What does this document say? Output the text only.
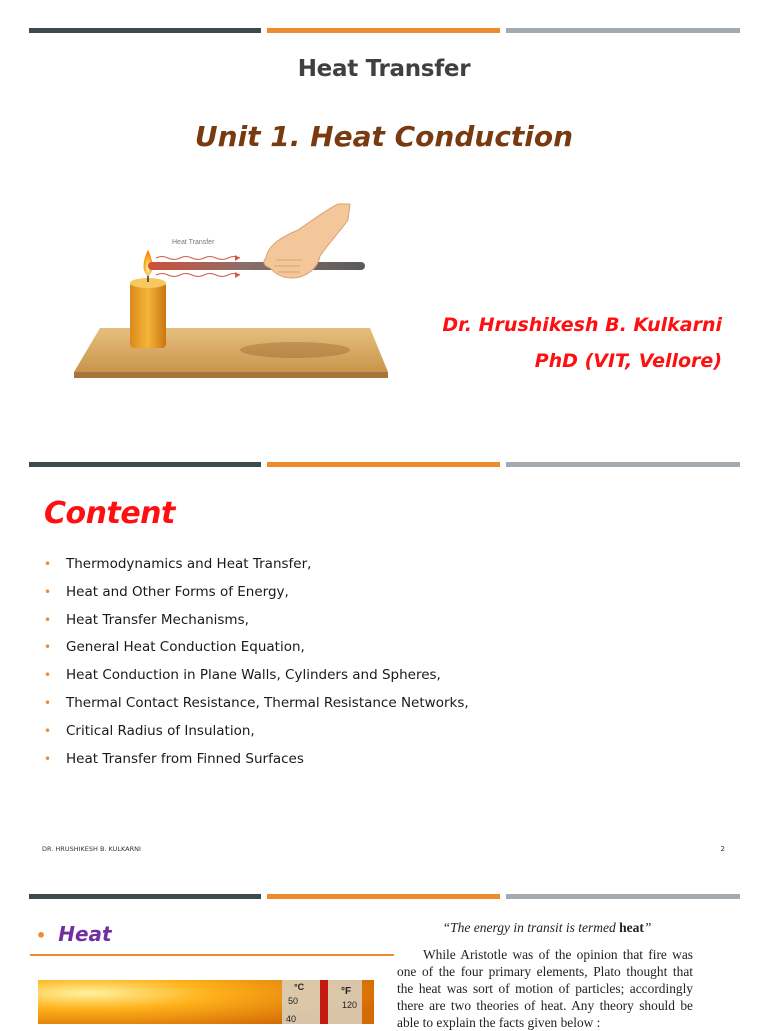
Heat Transfer
Unit 1. Heat Conduction
Heat Transfer
Dr. Hrushikesh B. Kulkarni
PhD (VIT, Vellore)
Content
• Thermodynamics and Heat Transfer,
• Heat and Other Forms of Energy,
• Heat Transfer Mechanisms,
• General Heat Conduction Equation,
• Heat Conduction in Plane Walls, Cylinders and Spheres,
• Thermal Contact Resistance, Thermal Resistance Networks,
• Critical Radius of Insulation,
• Heat Transfer from Finned Surfaces
DR. HRUSHIKESH B. KULKARNI	2
• Heat
°C	°F
50
40
120
“The energy in transit is termed heat”
While Aristotle was of the opinion that fire was one of the four primary elements, Plato thought that the heat was sort of motion of particles; accordingly there are two theories of heat. Any theory should be able to explain the facts given below :
